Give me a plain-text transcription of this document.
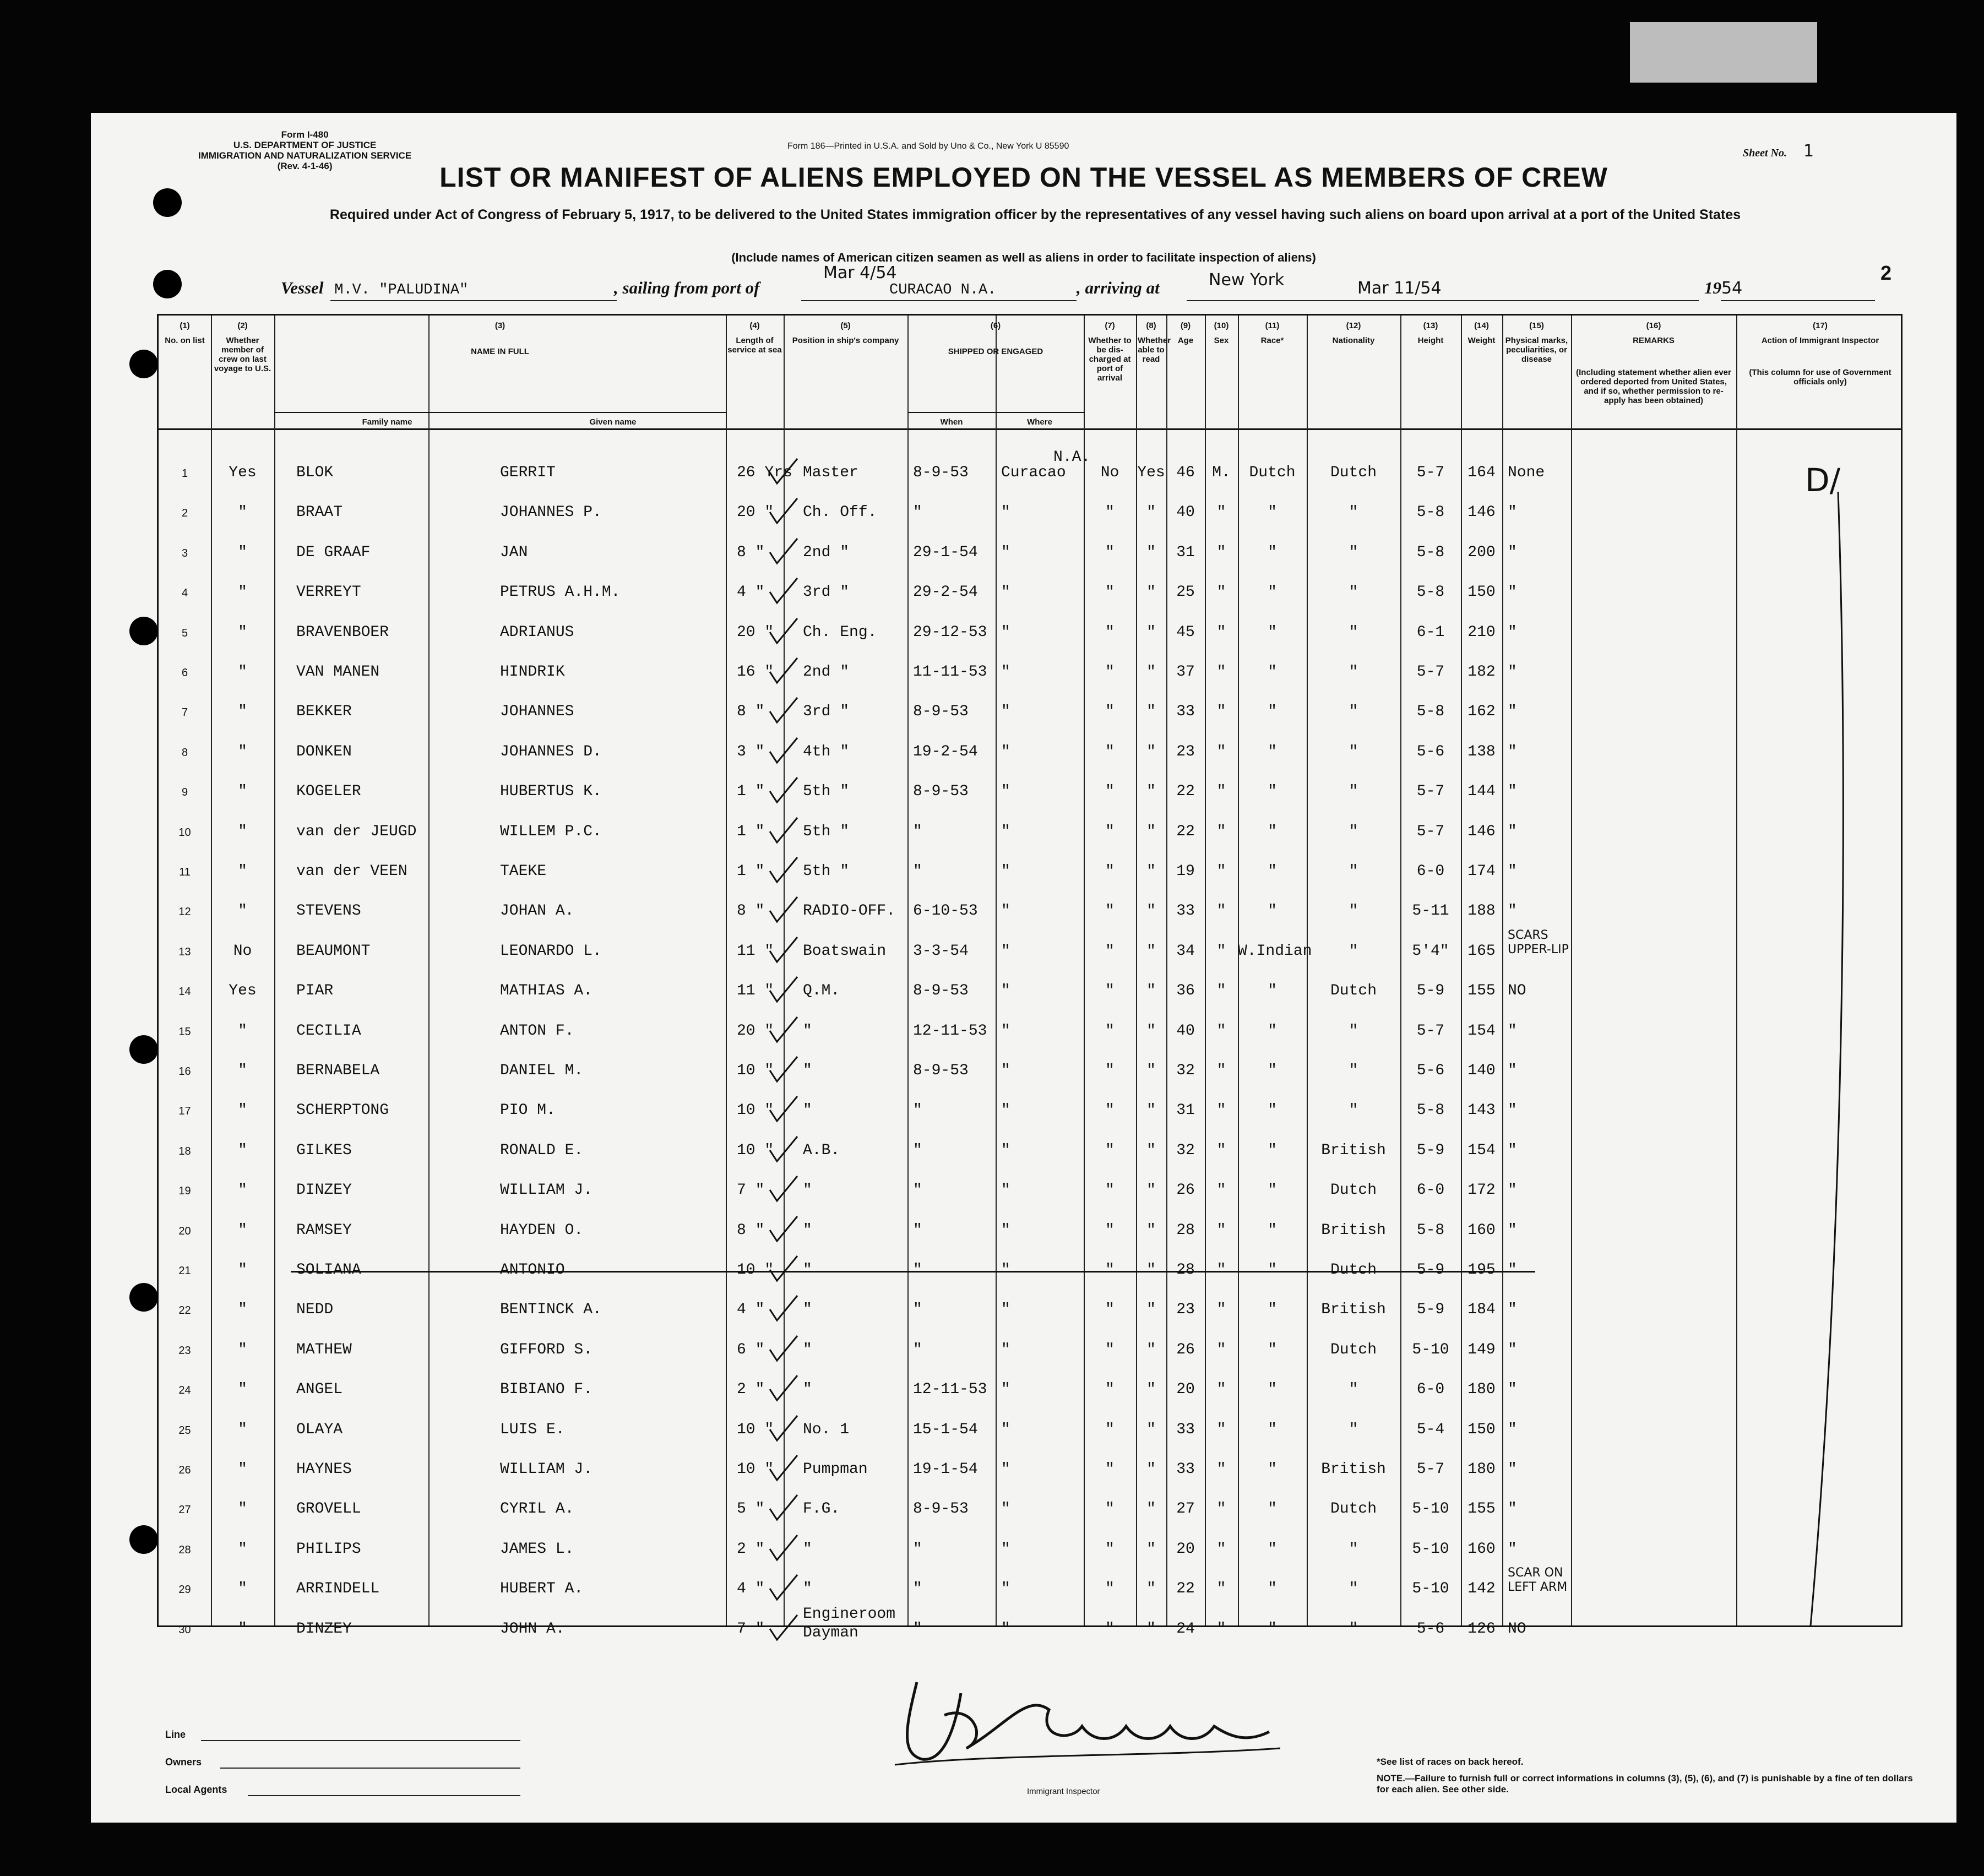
Form I-480
U.S. DEPARTMENT OF JUSTICE
IMMIGRATION AND NATURALIZATION SERVICE
(Rev. 4-1-46)
Form 186—Printed in U.S.A. and Sold by Uno & Co., New York U 85590
Sheet No. 1
2
LIST OR MANIFEST OF ALIENS EMPLOYED ON THE VESSEL AS MEMBERS OF CREW
Required under Act of Congress of February 5, 1917, to be delivered to the United States immigration officer by the representatives of any vessel having such aliens on board upon arrival at a port of the United States
(Include names of American citizen seamen as well as aliens in order to facilitate inspection of aliens)
Vessel M.V. "PALUDINA"	, sailing from port of
Mar 4/54
CURACAO N.A.	, arriving at	New York	Mar 11/54	1954
(1)
No. on list
(2)
Whether member of crew on last voyage to U.S.
(3)
NAME IN FULL
(4)
Length of service at sea
(5)
Position in ship's company
(6)
SHIPPED OR ENGAGED
(7)
Whether to be dis-charged at port of arrival
(8)
Whether able to read
(9)
Age
(10)
Sex
(11)
Race*
(12)
Nationality
(13)
Height
(14)
Weight
(15)
Physical marks, peculiarities, or disease
(16)
REMARKS
(17)
Action of Immigrant Inspector
Family name	Given name	When	Where
(Including statement whether alien ever ordered deported from United States, and if so, whether permission to re-apply has been obtained)
(This column for use of Government officials only)
1	Yes	BLOK	GERRIT	26 Yrs Master	8-9-53	Curacao
N.A.
No	Yes 46	M.	Dutch	Dutch	5-7	164 None
2	"	BRAAT	JOHANNES P.	20 "	Ch. Off.	"	"	"	"	40	"	"	"	5-8	146 "
3	"	DE GRAAF	JAN	8 "	2nd "	29-1-54	"	"	"	31	"	"	"	5-8	200 "
4	"	VERREYT	PETRUS A.H.M.	4 "	3rd "	29-2-54	"	"	"	25	"	"	"	5-8	150 "
5	"	BRAVENBOER	ADRIANUS	20 "	Ch. Eng.	29-12-53 "	"	"	45	"	"	"	6-1	210 "
6	"	VAN MANEN	HINDRIK	16 "	2nd "	11-11-53 "	"	"	37	"	"	"	5-7	182 "
7	"	BEKKER	JOHANNES	8 "	3rd "	8-9-53	"	"	"	33	"	"	"	5-8	162 "
8	"	DONKEN	JOHANNES D.	3 "	4th "	19-2-54	"	"	"	23	"	"	"	5-6	138 "
9	"	KOGELER	HUBERTUS K.	1 "	5th "	8-9-53	"	"	"	22	"	"	"	5-7	144 "
10	"	van der JEUGD	WILLEM P.C.	1 "	5th "	"	"	"	"	22	"	"	"	5-7	146 "
11	"	van der VEEN	TAEKE	1 "	5th "	"	"	"	"	19	"	"	"	6-0	174 "
12	"	STEVENS	JOHAN A.	8 "	RADIO-OFF.	6-10-53	"	"	"	33	"	"	"	5-11	188 "
13	No	BEAUMONT	LEONARDO L.	11 "	Boatswain	3-3-54	"	"	"	34	" W.Indian	"	5'4"	165
SCARS UPPER-LIP
14	Yes	PIAR	MATHIAS A.	11 "	Q.M.	8-9-53	"	"	"	36	"	"	Dutch	5-9	155 NO
15	"	CECILIA	ANTON F.	20 "	"	12-11-53 "	"	"	40	"	"	"	5-7	154 "
16	"	BERNABELA	DANIEL M.	10 "	"	8-9-53	"	"	"	32	"	"	"	5-6	140 "
17	"	SCHERPTONG	PIO M.	10 "	"	"	"	"	"	31	"	"	"	5-8	143 "
18	"	GILKES	RONALD E.	10 "	A.B.	"	"	"	"	32	"	"	British	5-9	154 "
19	"	DINZEY	WILLIAM J.	7 "	"	"	"	"	"	26	"	"	Dutch	6-0	172 "
20	"	RAMSEY	HAYDEN O.	8 "	"	"	"	"	"	28	"	"	British	5-8	160 "
21	"	SOLIANA	ANTONIO	10 "	"	"	"	"	"	28	"	"	Dutch	5-9	195 "
22	"	NEDD	BENTINCK A.	4 "	"	"	"	"	"	23	"	"	British	5-9	184 "
23	"	MATHEW	GIFFORD S.	6 "	"	"	"	"	"	26	"	"	Dutch	5-10	149 "
24	"	ANGEL	BIBIANO F.	2 "	"	12-11-53 "	"	"	20	"	"	"	6-0	180 "
25	"	OLAYA	LUIS E.	10 "	No. 1	15-1-54	"	"	"	33	"	"	"	5-4	150 "
26	"	HAYNES	WILLIAM J.	10 "	Pumpman	19-1-54	"	"	"	33	"	"	British	5-7	180 "
27	"	GROVELL	CYRIL A.	5 "	F.G.	8-9-53	"	"	"	27	"	"	Dutch	5-10	155 "
28	"	PHILIPS	JAMES L.	2 "	"	"	"	"	"	20	"	"	"	5-10	160 "
29	"	ARRINDELL	HUBERT A.	4 "	"	"	"	"	"	22	"	"	"	5-10	142
SCAR ON LEFT ARM
30	"	DINZEY	JOHN A.	7 "
Engineroom Dayman	"	"	"	"	24	"	"	"	5-6	126 NO
D/
Line
Owners
Local Agents
*See list of races on back hereof.
NOTE.—Failure to furnish full or correct informations in columns (3), (5), (6), and (7) is punishable by a fine of ten dollars for each alien. See other side.
Immigrant Inspector
